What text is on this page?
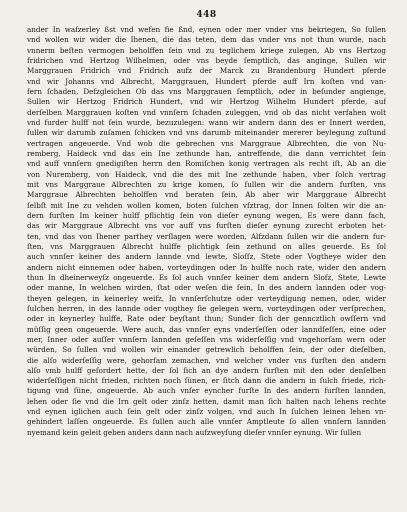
448
ander In wafzerley ßst vnd wefen fie ßnd, eynen oder mer vnder vns bekriegen, So ſullen
vnd wollen wir wider die Ihenen, die das teten, dem das vnder vns not thun wurde, nach
vnnerm beſten vermogen beholffen ſein vnd zu teglichem kriege zulegen, Ab vns Hertzog
fridrichen vnd Hertzog Wilhelmen, oder vns beyde ſemptlich, das anginge, Sullen wir
Marggrauen Fridrich vnd Fridrich aufz der Marck zu Brandenburg Hundert pferde
vnd wir Johanns vnd Albrecht, Marggrauen, Hundert pferde auff Irn koſten vnd van-
fern ſchaden, Defzgleichen Ob das vns Marggrauen ſemptlich, oder in beſunder angienge,
Sullen wir Hertzog Fridrich Hundert, vnd wir Hertzog Wilhelm Hundert pferde, auf
derſelben Marggrauen koſten vnd vnnſern ſchaden zuleggen, vnd ob das nicht verfahen wolt
vnd furder hulff not ſein wurde, bezuzulegen: wann wir andern dann des er Innert werden,
ſullen wir darumb zuſamen ſchicken vnd vns darumb miteinander mererer beylegung zuſtund
vertragen angeuerde. Vnd wob die gebrechen vns Marggraue Albrechten, die von Nu-
remberg, Haideck vnd das ein Ine zethunde han, antreffende, die dann verrichtet ſein
vnd auff vnnſern gnedigiſten herrn den Romiſchen konig vertragen als recht iſt, Ab an die
von Nuremberg, von Haideck, vnd die des mit Ine zethunde haben, vber ſolch vertrag
mit vns Marggraue Albrechten zu krige komen, ſo ſullen wir die andern furſten, vns
Marggraue Albrechten beholffen vnd beraten ſein, Ab aber wir Marggraue Albrecht
ſelbſt mit Ine zu vehden wollen komen, boten ſulchen vfztrag, dor Innen ſolten wir die an-
dern furſten Im keiner hulff pflichtig ſein von dieſer eynung wegen, Es were dann fach,
das wir Marggraue Albrecht vns vor auff vns furſten dieſer eynung zurecht erboten het-
ten, vnd das von Ihener parthey verſlagen were worden, Alfzdann ſullen wir die andern fur-
ſten, vns Marggrauen Albrecht hulffe plichtigk ſein zethund on alles geuerde. Es ſol
auch vnnſer keiner des andern lannde vnd lewte, Sloſſz, Stete oder Vogtheye wider den
andern nicht einnemen oder haben, vorteydingen oder In hulffe noch rate, wider den andern
thun In dheinerweyſz ongeuerde. Es ſol auch vnnſer keiner dem andern Slofz, Stete, Lewte
oder manne, In welchen wirden, ſtat oder weſen die ſein, In des andern lannden oder vog-
theyen gelegen, in keinerley weifz, In vnnſerſchutze oder verteydigung nemen, oder, wider
ſulchen herren, in des lannde oder vogthey ſie gelegen wern, vorteydingen oder verſprechen,
oder in keynerley hulffe, Rate oder beyſtant thun; Sunder ſich der genncztlich owſſern vnd
müſſig geen ongeuerde. Were auch, das vnnſer eyns vnderſeſſen oder lanndſeſſen, eine oder
mer, Inner oder auſſer vnnſern lannden geſeſſen vns widerſeſſig vnd vngehorſam wern oder
würden, So ſullen vnd wollen wir einander getrewlich beholffen ſein, der oder dieſelben,
die alſo widerſeſſig were, gehorſam zemachen, vnd welcher vnder vns furſten den andern
alſo vmb hulff geſordert hette, der ſol ſich an dye andern furſten mit den oder denſelben
widerſeſſigen nicht frieden, richten noch ſünen, er ſitch dann die andern in ſulch friede, rich-
tigung vnd ſüne, ongeuerde. Ab auch vnſer eyncher furſte In des andern furſten lannden,
lehen oder ſie vnd die Irn gelt oder zinſz hetten, damit man ſich halten nach lehens rechte
vnd eynen iglichen auch ſein gelt oder zinſz volgen, vnd auch In ſulchen leinen lehen vn-
gehindert laſſen ongeuerde. Es ſullen auch alle vnnſer Amptleute ſo allen vnnſern lannden
nyemand kein geleit geben anders dann nach aufzweyſung dieſer vnnſer eynung. Wir ſullen
